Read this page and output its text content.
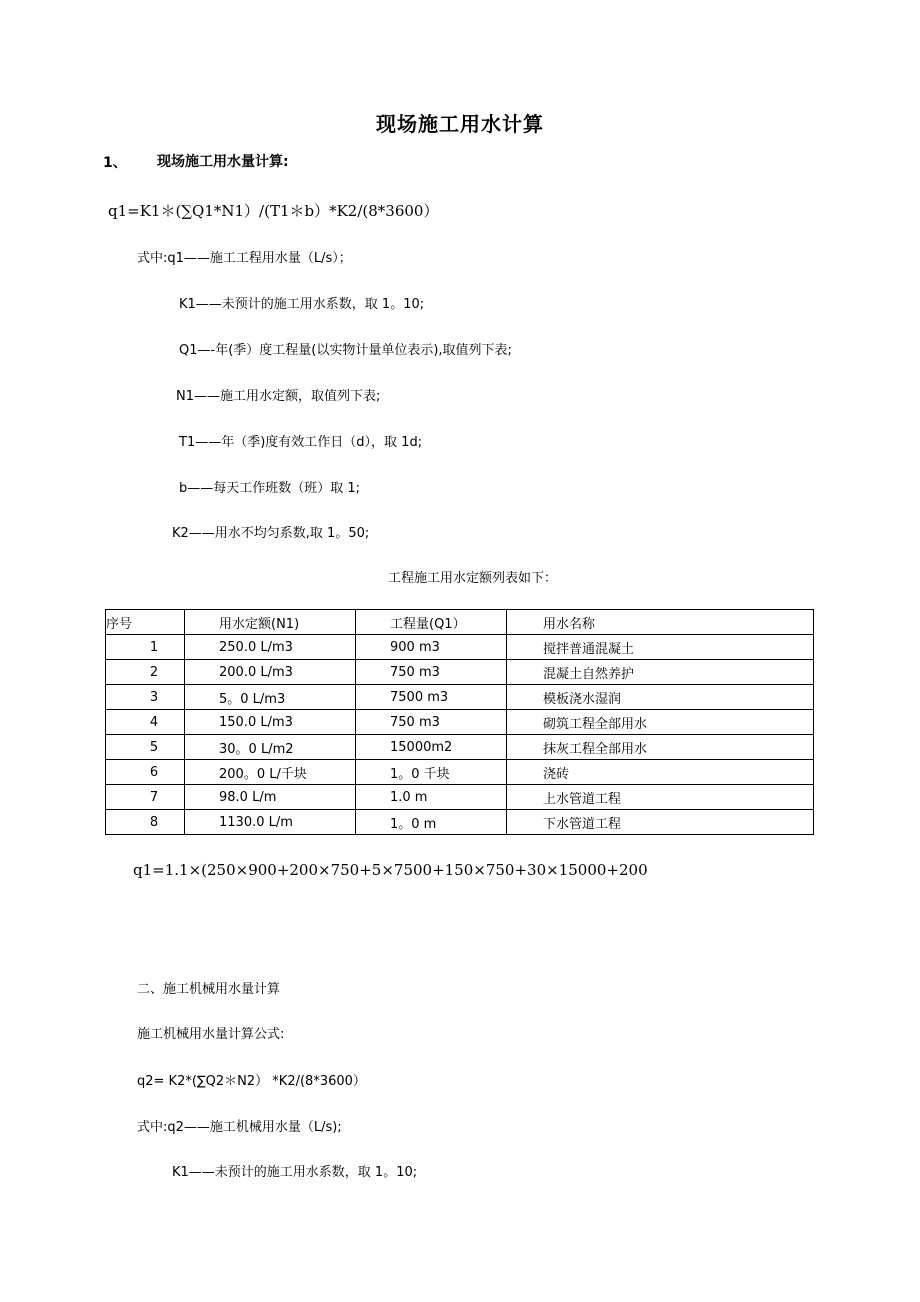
现场施工用水计算
1、 现场施工用水量计算:
q1=K1＊(∑Q1*N1）/(T1＊b）*K2/(8*3600）
式中:q1——施工工程用水量（L/s）；
K1——未预计的施工用水系数，取 1。10;
Q1—-年(季）度工程量(以实物计量单位表示),取值列下表;
N1——施工用水定额，取值列下表;
T1——年（季)度有效工作日（d），取 1d;
b——每天工作班数（班）取 1;
K2——用水不均匀系数,取 1。50;
工程施工用水定额列表如下：
序号	用水定额(N1)	工程量(Q1）	用水名称
1	250.0 L/m3	900 m3	搅拌普通混凝土
2	200.0 L/m3	750 m3	混凝土自然养护
3	5。0 L/m3	7500 m3	模板浇水湿润
4	150.0 L/m3	750 m3	砌筑工程全部用水
5	30。0 L/m2	15000m2	抹灰工程全部用水
6	200。0 L/千块	1。0 千块	浇砖
7	98.0 L/m	1.0 m	上水管道工程
8	1130.0 L/m	1。0 m	下水管道工程
q1=1.1×(250×900+200×750+5×7500+150×750+30×15000+200
二、施工机械用水量计算
施工机械用水量计算公式:
q2= K2*(∑Q2＊N2） *K2/(8*3600）
式中:q2——施工机械用水量（L/s);
K1——未预计的施工用水系数，取 1。10;
